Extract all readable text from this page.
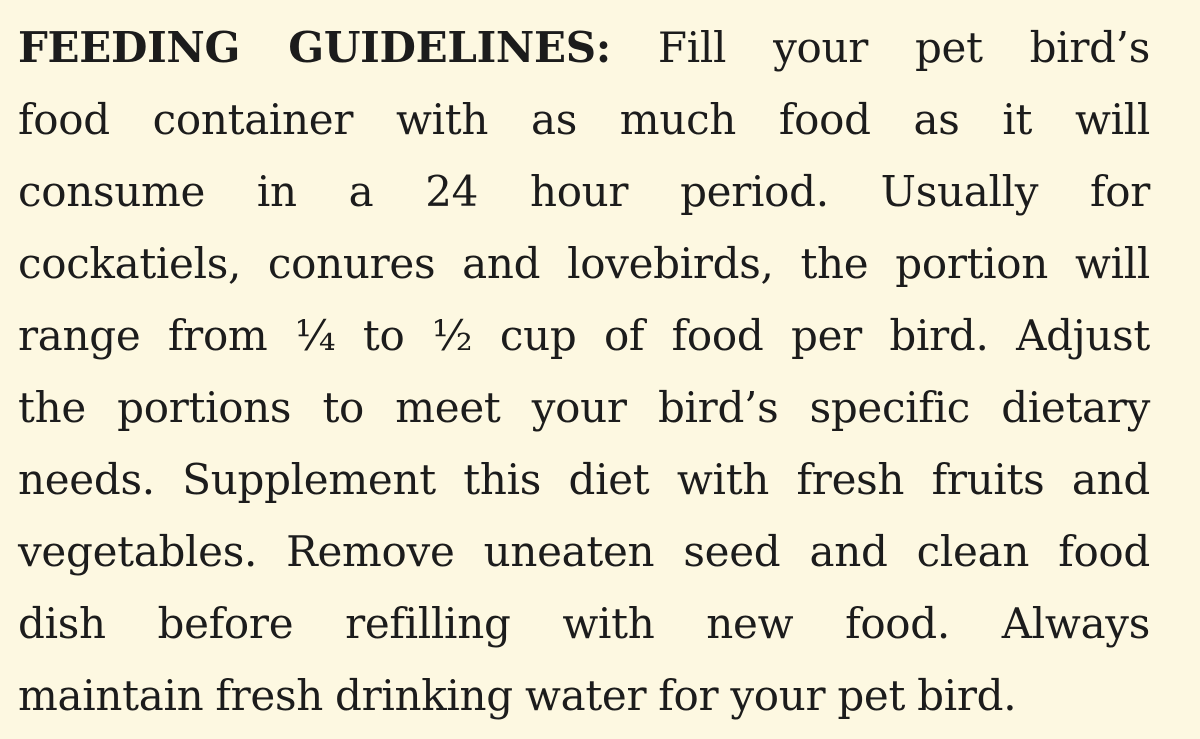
FEEDING GUIDELINES: Fill your pet bird’s
food container with as much food as it will
consume in a 24 hour period. Usually for
cockatiels, conures and lovebirds, the portion will
range from ¼ to ½ cup of food per bird. Adjust
the portions to meet your bird’s specific dietary
needs. Supplement this diet with fresh fruits and
vegetables. Remove uneaten seed and clean food
dish before refilling with new food. Always
maintain fresh drinking water for your pet bird.
